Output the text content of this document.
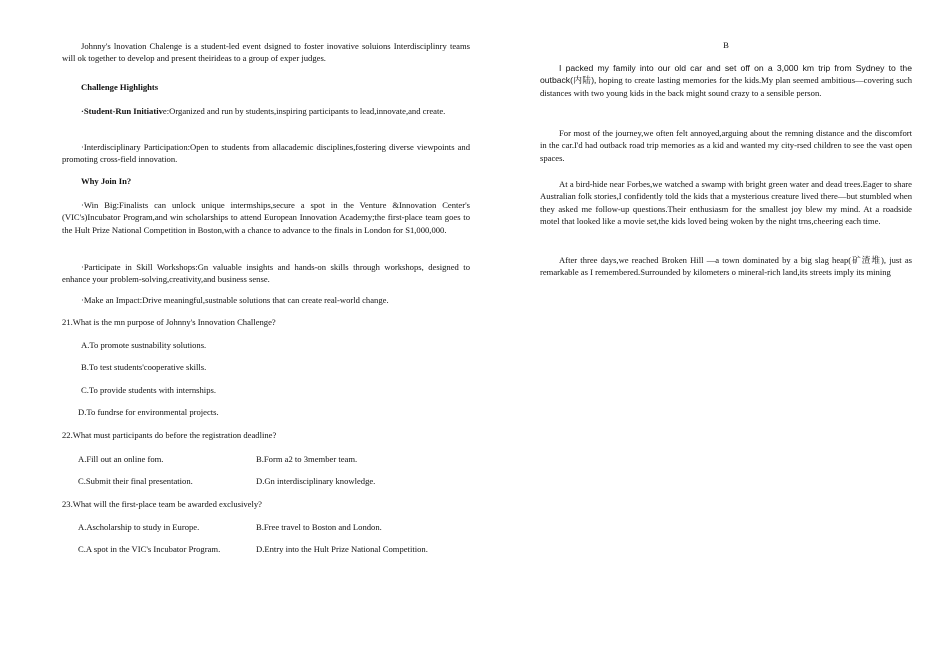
Johnny's lnovation Chalenge is a student-led event dsigned to foster inovative soluions Interdisciplinry teams will ok together to develop and present theirideas to a group of exper judges.

Challenge Highlights

·Student-Run Initiative:Organized and run by students,inspiring participants to lead,innovate,and create.

·Interdisciplinary Participation:Open to students from allacademic disciplines,fostering diverse viewpoints and promoting cross-field innovation.

Why Join In?

·Win Big:Finalists can unlock unique intermships,secure a spot in the Venture &Innovation Center's (VIC's)Incubator Program,and win scholarships to attend European Innovation Academy;the first-place team goes to the Hult Prize National Competition in Boston,with a chance to advance to the finals in London for S1,000,000.

·Participate in Skill Workshops:Gn valuable insights and hands-on skills through workshops, designed to enhance your problem-solving,creativity,and business sense.

·Make an Impact:Drive meaningful,sustnable solutions that can create real-world change.

21.What is the mn purpose of Johnny's Innovation Challenge?

A.To promote sustnability solutions.

B.To test students'cooperative skills.

C.To provide students with internships.

D.To fundrse for environmental projects.

22.What must participants do before the registration deadline?

A.Fill out an online fom.	B.Form a2 to 3member team.
C.Submit their final presentation.	D.Gn interdisciplinary knowledge.

23.What will the first-place team be awarded exclusively?

A.Ascholarship to study in Europe.	B.Free travel to Boston and London.
C.A spot in the VIC's Incubator Program.	D.Entry into the Hult Prize National Competition.

B

I packed my family into our old car and set off on a 3,000 km trip from Sydney to the outback(内陆), hoping to create lasting memories for the kids.My plan seemed ambitious—covering such distances with two young kids in the back might sound crazy to a sensible person.

For most of the journey,we often felt annoyed,arguing about the remning distance and the discomfort in the car.I'd had outback road trip memories as a kid and wanted my city-rsed children to see the vast open spaces.

At a bird-hide near Forbes,we watched a swamp with bright green water and dead trees.Eager to share Australian folk stories,I confidently told the kids that a mysterious creature lived there—but stumbled when they asked me follow-up questions.Their enthusiasm for the smallest joy blew my mind. At a roadside motel that looked like a movie set,the kids loved being woken by the night trns,cheering each time.

After three days,we reached Broken Hill —a town dominated by a big slag heap(矿渣堆), just as remarkable as I remembered.Surrounded by kilometers o mineral-rich land,its streets imply its mining
